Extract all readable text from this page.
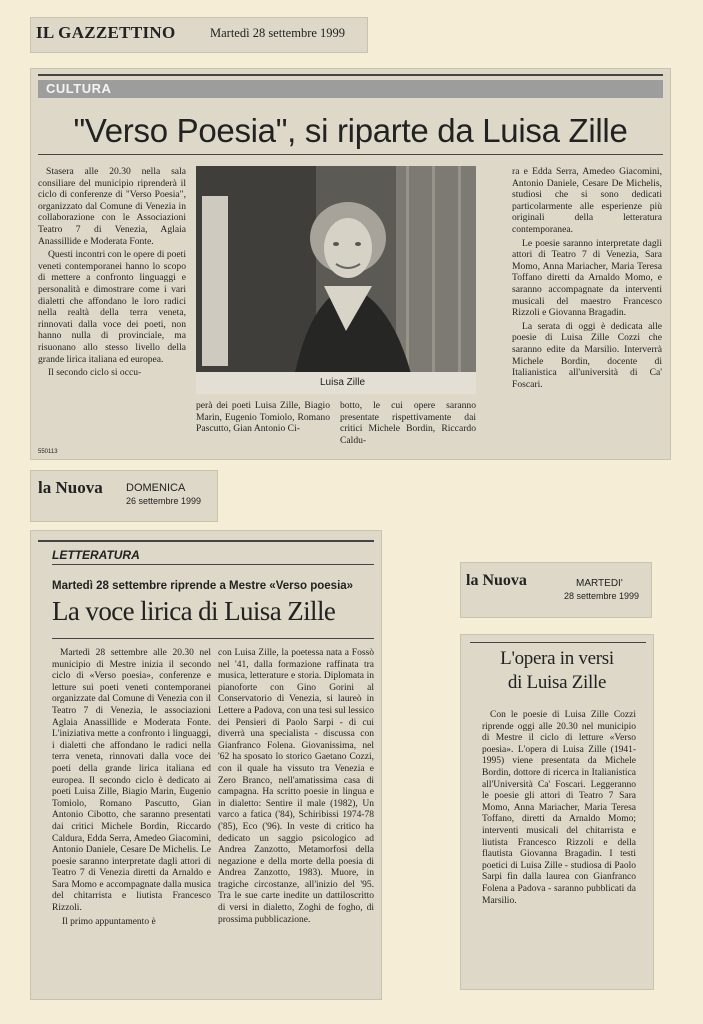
IL GAZZETTINO	Martedì 28 settembre 1999
CULTURA
"Verso Poesia", si riparte da Luisa Zille

Stasera alle 20.30 nella sala consiliare del municipio riprenderà il ciclo di conferenze di "Verso Poesia", organizzato dal Comune di Venezia in collaborazione con le Associazioni Teatro 7 di Venezia, Aglaia Anassillide e Moderata Fonte.

Questi incontri con le opere di poeti veneti contemporanei hanno lo scopo di mettere a confronto linguaggi e personalità e dimostrare come i vari dialetti che affondano le loro radici nella realtà della terra veneta, rinnovati dalla voce dei poeti, non hanno nulla di provinciale, ma risuonano allo stesso livello della grande lirica italiana ed europea.

Il secondo ciclo si occu-

Luisa Zille

perà dei poeti Luisa Zille, Biagio Marin, Eugenio Tomiolo, Romano Pascutto, Gian Antonio Ci-

botto, le cui opere saranno presentate rispettivamente dai critici Michele Bordin, Riccardo Caldu-

ra e Edda Serra, Amedeo Giacomini, Antonio Daniele, Cesare De Michelis, studiosi che si sono dedicati particolarmente alle esperienze più originali della letteratura contemporanea.

Le poesie saranno interpretate dagli attori di Teatro 7 di Venezia, Sara Momo, Anna Mariacher, Maria Teresa Toffano diretti da Arnaldo Momo, e saranno accompagnate da interventi musicali del maestro Francesco Rizzoli e Giovanna Bragadin.

La serata di oggi è dedicata alle poesie di Luisa Zille Cozzi che saranno edite da Marsilio. Interverrà Michele Bordin, docente di Italianistica all'università di Ca' Foscari.

550113
la Nuova DOMENICA
26 settembre 1999
LETTERATURA
Martedì 28 settembre riprende a Mestre «Verso poesia»
La voce lirica di Luisa Zille

Martedì 28 settembre alle 20.30 nel municipio di Mestre inizia il secondo ciclo di «Verso poesia», conferenze e letture sui poeti veneti contemporanei organizzate dal Comune di Venezia con il Teatro 7 di Venezia, le associazioni Aglaia Anassillide e Moderata Fonte. L'iniziativa mette a confronto i linguaggi, i dialetti che affondano le radici nella terra veneta, rinnovati dalla voce dei poeti della grande lirica italiana ed europea. Il secondo ciclo è dedicato ai poeti Luisa Zille, Biagio Marin, Eugenio Tomiolo, Romano Pascutto, Gian Antonio Cibotto, che saranno presentati dai critici Michele Bordin, Riccardo Caldura, Edda Serra, Amedeo Giacomini, Antonio Daniele, Cesare De Michelis. Le poesie saranno interpretate dagli attori di Teatro 7 di Venezia diretti da Arnaldo e Sara Momo e accompagnate dalla musica del chitarrista e liutista Francesco Rizzoli.

Il primo appuntamento è

con Luisa Zille, la poetessa nata a Fossò nel '41, dalla formazione raffinata tra musica, letterature e storia. Diplomata in pianoforte con Gino Gorini al Conservatorio di Venezia, si laureò in Lettere a Padova, con una tesi sul lessico dei Pensieri di Paolo Sarpi - di cui diverrà una specialista - discussa con Gianfranco Folena. Giovanissima, nel '62 ha sposato lo storico Gaetano Cozzi, con il quale ha vissuto tra Venezia e Zero Branco, nell'amatissima casa di campagna. Ha scritto poesie in lingua e in dialetto: Sentire il male (1982), Un varco a fatica ('84), Schiribissi 1974-78 ('85), Eco ('96). In veste di critico ha dedicato un saggio psicologico ad Andrea Zanzotto, Metamorfosi della negazione e della morte della poesia di Andrea Zanzotto, 1983). Muore, in tragiche circostanze, all'inizio del '95. Tra le sue carte inedite un dattiloscritto di versi in dialetto, Zoghi de fogho, di prossima pubblicazione.

la Nuova	MARTEDI'
28 settembre 1999
L'opera in versi
di Luisa Zille

Con le poesie di Luisa Zille Cozzi riprende oggi alle 20.30 nel municipio di Mestre il ciclo di letture «Verso poesia». L'opera di Luisa Zille (1941-1995) viene presentata da Michele Bordin, dottore di ricerca in Italianistica all'Università Ca' Foscari. Leggeranno le poesie gli attori di Teatro 7 Sara Momo, Anna Mariacher, Maria Teresa Toffano, diretti da Arnaldo Momo; interventi musicali del chitarrista e liutista Francesco Rizzoli e della flautista Giovanna Bragadin. I testi poetici di Luisa Zille - studiosa di Paolo Sarpi fin dalla laurea con Gianfranco Folena a Padova - saranno pubblicati da Marsilio.
